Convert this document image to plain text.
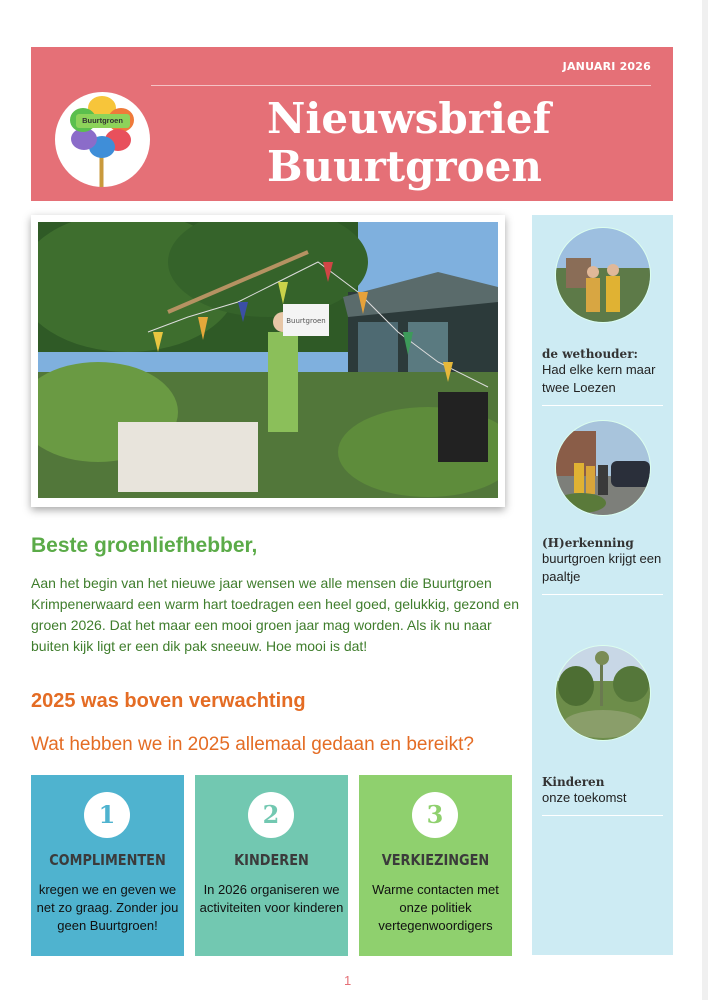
JANUARI 2026
Nieuwsbrief
Buurtgroen
Buurtgroen
Buurtgroen
de wethouder:
Had elke kern maar twee Loezen
(H)erkenning
buurtgroen krijgt een paaltje
Kinderen
onze toekomst
Beste groenliefhebber,
Aan het begin van het nieuwe jaar wensen we alle mensen die Buurtgroen Krimpenerwaard een warm hart toedragen een heel goed, gelukkig, gezond en groen 2026. Dat het maar een mooi groen jaar mag worden. Als ik nu naar buiten kijk ligt er een dik pak sneeuw. Hoe mooi is dat!
2025 was boven verwachting
Wat hebben we in 2025 allemaal gedaan en bereikt?
1
COMPLIMENTEN
kregen we en geven we net zo graag. Zonder jou geen Buurtgroen!
2
KINDEREN
In 2026 organiseren we activiteiten voor kinderen
3
VERKIEZINGEN
Warme contacten met onze politiek vertegenwoordigers
1
